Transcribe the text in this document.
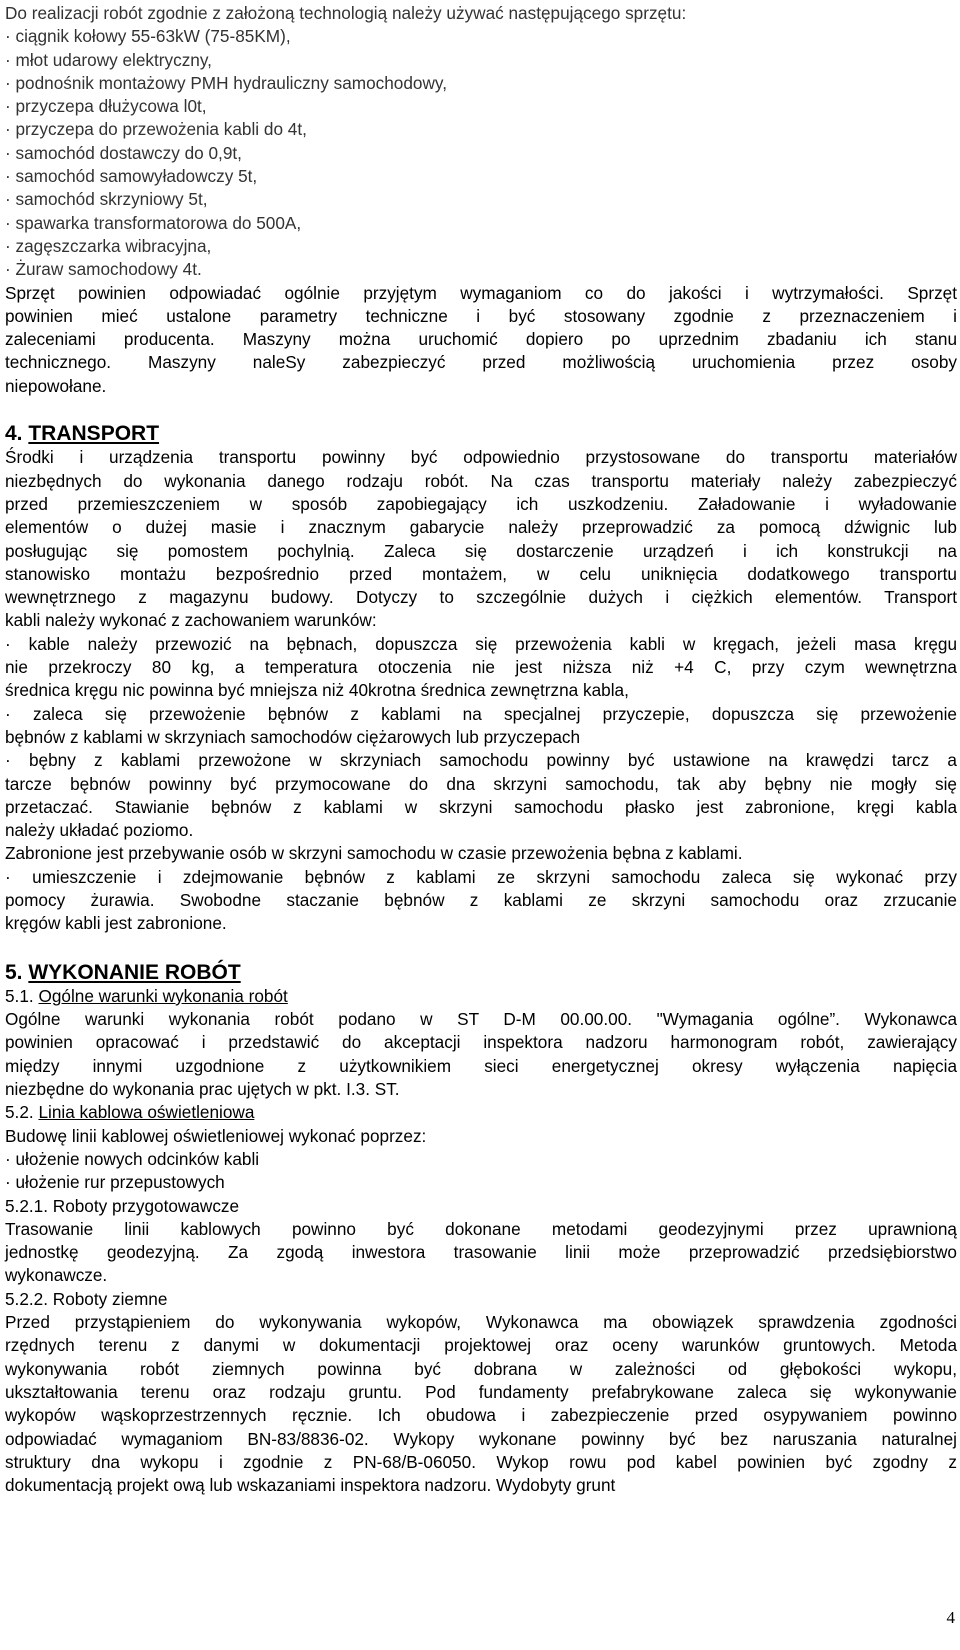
Do realizacji robót zgodnie z założoną technologią należy używać następującego sprzętu:
· ciągnik kołowy 55-63kW (75-85KM),
· młot udarowy elektryczny,
· podnośnik montażowy PMH hydrauliczny samochodowy,
· przyczepa dłużycowa l0t,
· przyczepa do przewożenia kabli do 4t,
· samochód dostawczy do 0,9t,
· samochód samowyładowczy 5t,
· samochód skrzyniowy 5t,
· spawarka transformatorowa do 500A,
· zagęszczarka wibracyjna,
· Żuraw samochodowy 4t.
Sprzęt powinien odpowiadać ogólnie przyjętym wymaganiom co do jakości i wytrzymałości. Sprzęt
powinien mieć ustalone parametry techniczne i być stosowany zgodnie z przeznaczeniem i
zaleceniami producenta. Maszyny można uruchomić dopiero po uprzednim zbadaniu ich stanu
technicznego. Maszyny naleSy zabezpieczyć przed możliwością uruchomienia przez osoby
niepowołane.
4. TRANSPORT
Środki i urządzenia transportu powinny być odpowiednio przystosowane do transportu materiałów
niezbędnych do wykonania danego rodzaju robót. Na czas transportu materiały należy zabezpieczyć
przed przemieszczeniem w sposób zapobiegający ich uszkodzeniu. Załadowanie i wyładowanie
elementów o dużej masie i znacznym gabarycie należy przeprowadzić za pomocą dźwignic lub
posługując się pomostem pochylnią. Zaleca się dostarczenie urządzeń i ich konstrukcji na
stanowisko montażu bezpośrednio przed montażem, w celu uniknięcia dodatkowego transportu
wewnętrznego z magazynu budowy. Dotyczy to szczególnie dużych i ciężkich elementów. Transport
kabli należy wykonać z zachowaniem warunków:
· kable należy przewozić na bębnach, dopuszcza się przewożenia kabli w kręgach, jeżeli masa kręgu
nie przekroczy 80 kg, a temperatura otoczenia nie jest niższa niż +4 C, przy czym wewnętrzna
średnica kręgu nic powinna być mniejsza niż 40krotna średnica zewnętrzna kabla,
· zaleca się przewożenie bębnów z kablami na specjalnej przyczepie, dopuszcza się przewożenie
bębnów z kablami w skrzyniach samochodów ciężarowych lub przyczepach
· bębny z kablami przewożone w skrzyniach samochodu powinny być ustawione na krawędzi tarcz a
tarcze bębnów powinny być przymocowane do dna skrzyni samochodu, tak aby bębny nie mogły się
przetaczać. Stawianie bębnów z kablami w skrzyni samochodu płasko jest zabronione, kręgi kabla
należy układać poziomo.
Zabronione jest przebywanie osób w skrzyni samochodu w czasie przewożenia bębna z kablami.
· umieszczenie i zdejmowanie bębnów z kablami ze skrzyni samochodu zaleca się wykonać przy
pomocy żurawia. Swobodne staczanie bębnów z kablami ze skrzyni samochodu oraz zrzucanie
kręgów kabli jest zabronione.
5. WYKONANIE ROBÓT
5.1. Ogólne warunki wykonania robót
Ogólne warunki wykonania robót podano w ST D-M 00.00.00. "Wymagania ogólne”. Wykonawca
powinien opracować i przedstawić do akceptacji inspektora nadzoru harmonogram robót, zawierający
między innymi uzgodnione z użytkownikiem sieci energetycznej okresy wyłączenia napięcia
niezbędne do wykonania prac ujętych w pkt. I.3. ST.
5.2. Linia kablowa oświetleniowa
Budowę linii kablowej oświetleniowej wykonać poprzez:
· ułożenie nowych odcinków kabli
· ułożenie rur przepustowych
5.2.1. Roboty przygotowawcze
Trasowanie linii kablowych powinno być dokonane metodami geodezyjnymi przez uprawnioną
jednostkę geodezyjną. Za zgodą inwestora trasowanie linii może przeprowadzić przedsiębiorstwo
wykonawcze.
5.2.2. Roboty ziemne
Przed przystąpieniem do wykonywania wykopów, Wykonawca ma obowiązek sprawdzenia zgodności
rzędnych terenu z danymi w dokumentacji projektowej oraz oceny warunków gruntowych. Metoda
wykonywania robót ziemnych powinna być dobrana w zależności od głębokości wykopu,
ukształtowania terenu oraz rodzaju gruntu. Pod fundamenty prefabrykowane zaleca się wykonywanie
wykopów wąskoprzestrzennych ręcznie. Ich obudowa i zabezpieczenie przed osypywaniem powinno
odpowiadać wymaganiom BN-83/8836-02. Wykopy wykonane powinny być bez naruszania naturalnej
struktury dna wykopu i zgodnie z PN-68/B-06050. Wykop rowu pod kabel powinien być zgodny z
dokumentacją projekt ową lub wskazaniami inspektora nadzoru. Wydobyty grunt
4
